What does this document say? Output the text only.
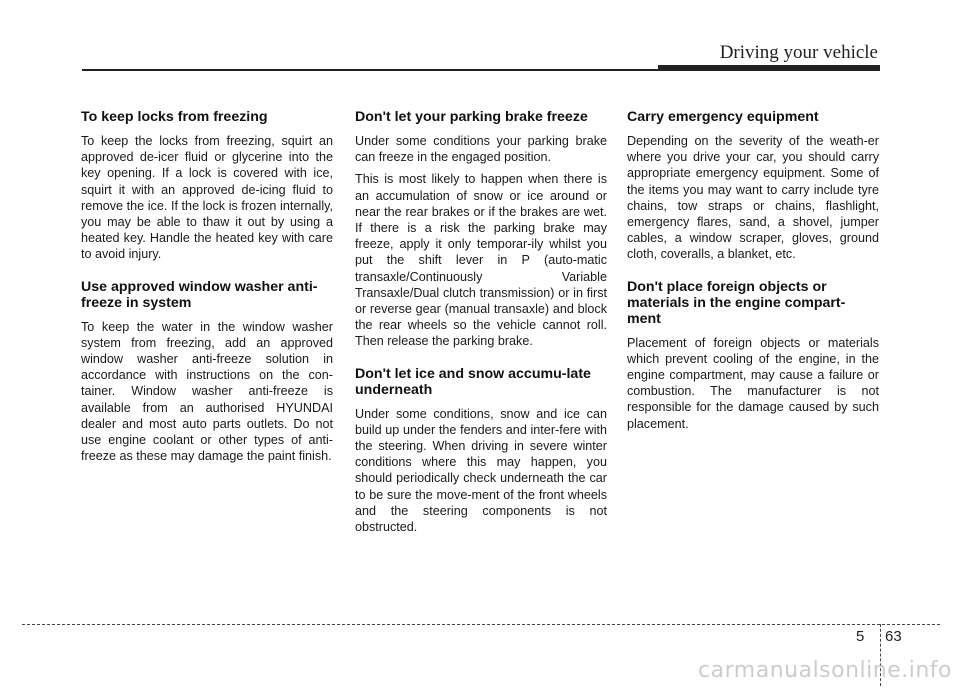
Driving your vehicle
To keep locks from freezing

To keep the locks from freezing, squirt an approved de-icer fluid or glycerine into the key opening. If a lock is covered with ice, squirt it with an approved de-icing fluid to remove the ice. If the lock is frozen internally, you may be able to thaw it out by using a heated key. Handle the heated key with care to avoid injury.

Use approved window washer anti-freeze in system

To keep the water in the window washer system from freezing, add an approved window washer anti-freeze solution in accordance with instructions on the con-tainer. Window washer anti-freeze is available from an authorised HYUNDAI dealer and most auto parts outlets. Do not use engine coolant or other types of anti-freeze as these may damage the paint finish.

Don't let your parking brake freeze

Under some conditions your parking brake can freeze in the engaged position.

This is most likely to happen when there is an accumulation of snow or ice around or near the rear brakes or if the brakes are wet. If there is a risk the parking brake may freeze, apply it only temporar-ily whilst you put the shift lever in P (auto-matic transaxle/Continuously Variable Transaxle/Dual clutch transmission) or in first or reverse gear (manual transaxle) and block the rear wheels so the vehicle cannot roll. Then release the parking brake.

Don't let ice and snow accumu-late underneath

Under some conditions, snow and ice can build up under the fenders and inter-fere with the steering. When driving in severe winter conditions where this may happen, you should periodically check underneath the car to be sure the move-ment of the front wheels and the steering components is not obstructed.

Carry emergency equipment

Depending on the severity of the weath-er where you drive your car, you should carry appropriate emergency equipment. Some of the items you may want to carry include tyre chains, tow straps or chains, flashlight, emergency flares, sand, a shovel, jumper cables, a window scraper, gloves, ground cloth, coveralls, a blanket, etc.

Don't place foreign objects or materials in the engine compart-ment

Placement of foreign objects or materials which prevent cooling of the engine, in the engine compartment, may cause a failure or combustion. The manufacturer is not responsible for the damage caused by such placement.

5 63
carmanualsonline.info
